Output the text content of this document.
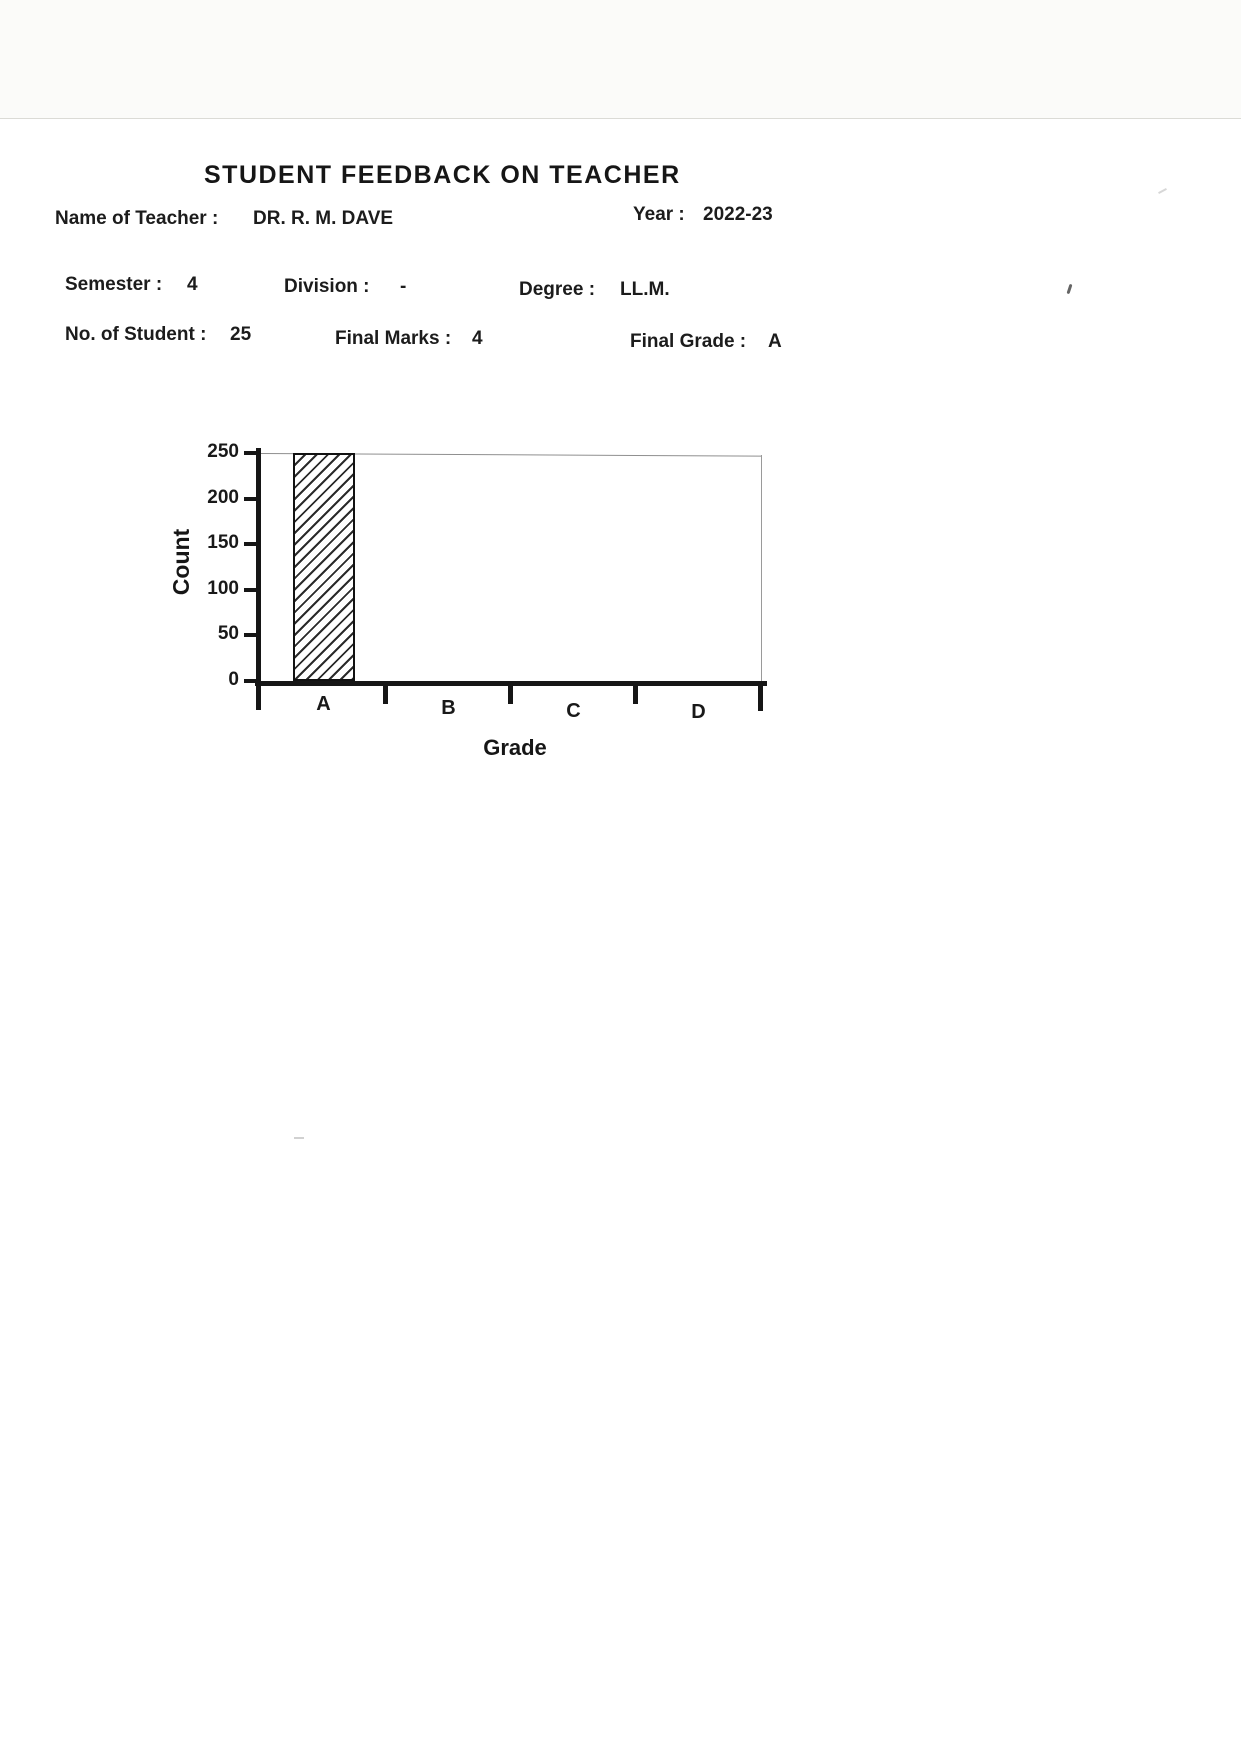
STUDENT FEEDBACK ON TEACHER
Name of Teacher : DR. R. M. DAVE	Year : 2022-23
Semester : 4	Division : -	Degree : LL.M.
No. of Student : 25	Final Marks : 4	Final Grade : A
Count
Grade
0
50
100
150
200
250
A	B	C	D
